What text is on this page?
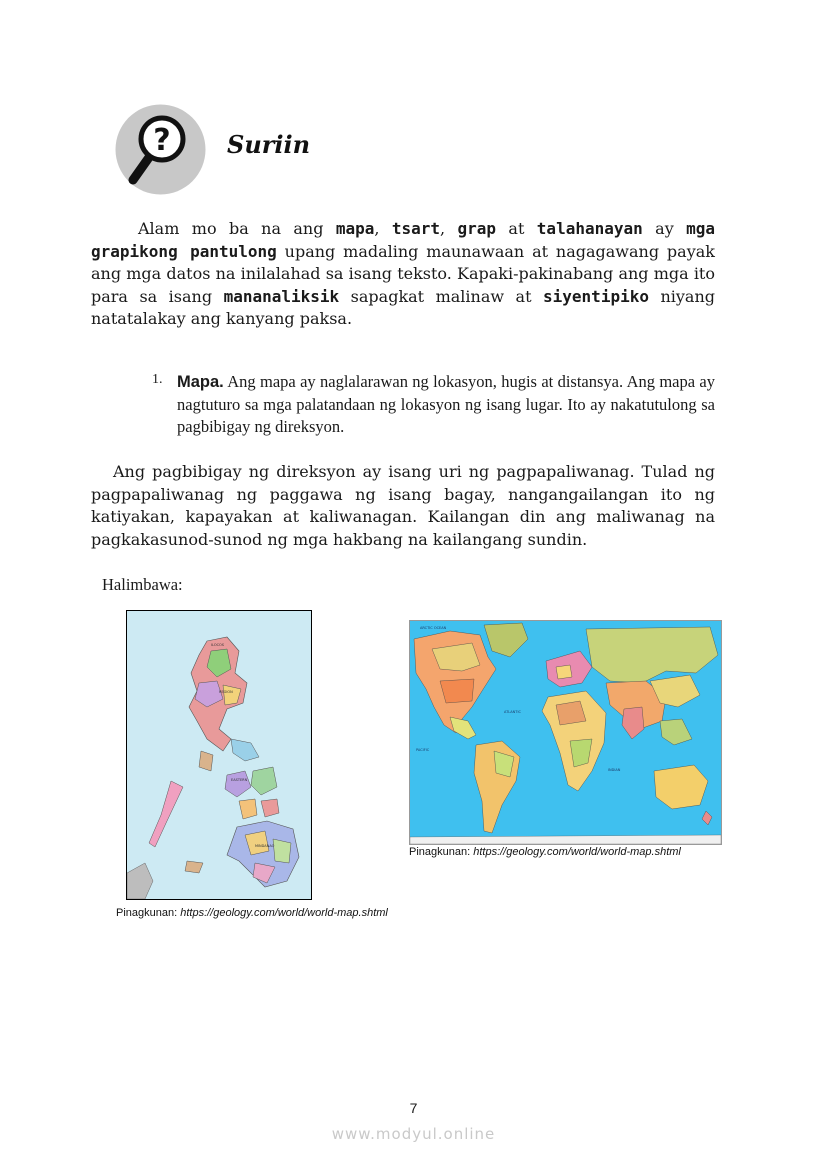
? Suriin
Alam mo ba na ang mapa, tsart, grap at talahanayan ay mga grapikong pantulong upang madaling maunawaan at nagagawang payak ang mga datos na inilalahad sa isang teksto. Kapaki-pakinabang ang mga ito para sa isang mananaliksik sapagkat malinaw at siyentipiko niyang natatalakay ang kanyang paksa.
1. Mapa. Ang mapa ay naglalarawan ng lokasyon, hugis at distansya. Ang mapa ay nagtuturo sa mga palatandaan ng lokasyon ng isang lugar. Ito ay nakatutulong sa pagbibigay ng direksyon.
Ang pagbibigay ng direksyon ay isang uri ng pagpapaliwanag. Tulad ng pagpapaliwanag ng paggawa ng isang bagay, nangangailangan ito ng katiyakan, kapayakan at kaliwanagan. Kailangan din ang maliwanag na pagkakasunod-sunod ng mga hakbang na kailangang sundin.
Halimbawa:
ILOCOS
REGION
EASTERN
MINDANAO
ARCTIC OCEAN
ATLANTIC
PACIFIC
INDIAN
Pinagkunan: https://geology.com/world/world-map.shtml
Pinagkunan: https://geology.com/world/world-map.shtml
7
www.modyul.online
